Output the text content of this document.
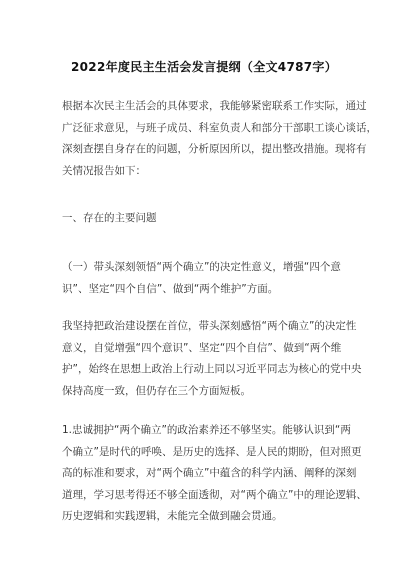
2022年度民主生活会发言提纲（全文4787字）
根据本次民主生活会的具体要求，我能够紧密联系工作实际，通过
广泛征求意见，与班子成员、科室负责人和部分干部职工谈心谈话，
深刻查摆自身存在的问题，分析原因所以，提出整改措施。现将有
关情况报告如下：
一、存在的主要问题
（一）带头深刻领悟“两个确立”的决定性意义，增强“四个意
识”、坚定“四个自信”、做到“两个维护”方面。
我坚持把政治建设摆在首位，带头深刻感悟“两个确立”的决定性
意义，自觉增强“四个意识”、坚定“四个自信”、做到“两个维
护”，始终在思想上政治上行动上同以习近平同志为核心的党中央
保持高度一致，但仍存在三个方面短板。
1.忠诚拥护“两个确立”的政治素养还不够坚实。能够认识到“两
个确立”是时代的呼唤、是历史的选择、是人民的期盼，但对照更
高的标准和要求，对“两个确立”中蕴含的科学内涵、阐释的深刻
道理，学习思考得还不够全面透彻，对“两个确立”中的理论逻辑、
历史逻辑和实践逻辑，未能完全做到融会贯通。
